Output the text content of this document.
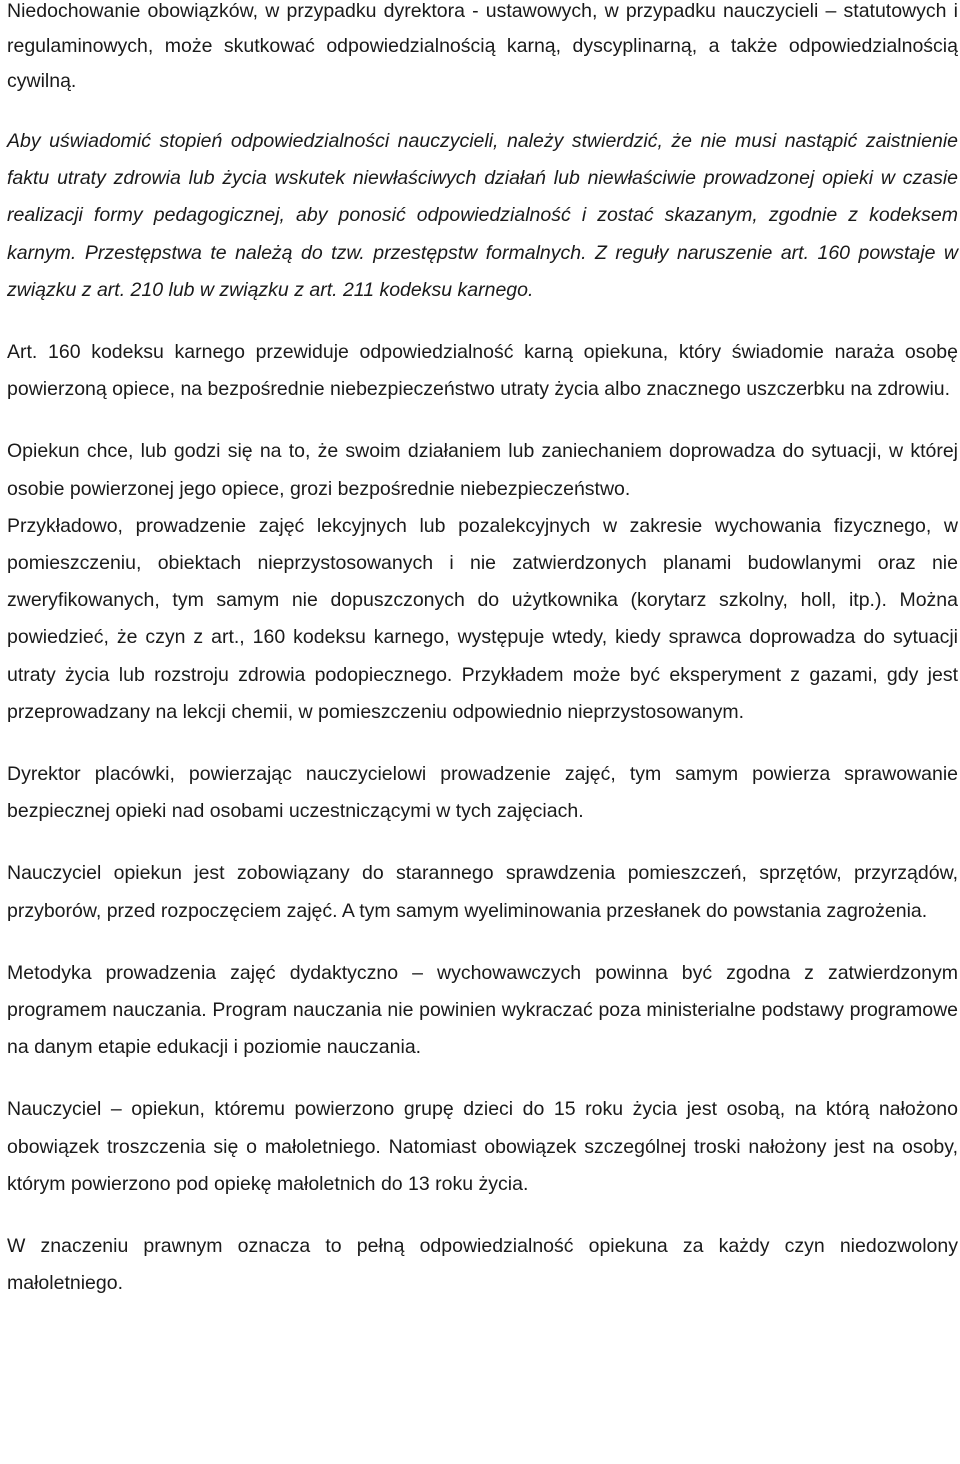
Niedochowanie obowiązków, w przypadku dyrektora - ustawowych, w przypadku nauczycieli – statutowych i regulaminowych, może skutkować odpowiedzialnością karną, dyscyplinarną, a także odpowiedzialnością cywilną.

Aby uświadomić stopień odpowiedzialności nauczycieli, należy stwierdzić, że nie musi nastąpić zaistnienie faktu utraty zdrowia lub życia wskutek niewłaściwych działań lub niewłaściwie prowadzonej opieki w czasie realizacji formy pedagogicznej, aby ponosić odpowiedzialność i zostać skazanym, zgodnie z kodeksem karnym. Przestępstwa te należą do tzw. przestępstw formalnych. Z reguły naruszenie art. 160 powstaje w związku z art. 210 lub w związku z art. 211 kodeksu karnego.

Art. 160 kodeksu karnego przewiduje odpowiedzialność karną opiekuna, który świadomie naraża osobę powierzoną opiece, na bezpośrednie niebezpieczeństwo utraty życia albo znacznego uszczerbku na zdrowiu.

Opiekun chce, lub godzi się na to, że swoim działaniem lub zaniechaniem doprowadza do sytuacji, w której osobie powierzonej jego opiece, grozi bezpośrednie niebezpieczeństwo.

Przykładowo, prowadzenie zajęć lekcyjnych lub pozalekcyjnych w zakresie wychowania fizycznego, w pomieszczeniu, obiektach nieprzystosowanych i nie zatwierdzonych planami budowlanymi oraz nie zweryfikowanych, tym samym nie dopuszczonych do użytkownika (korytarz szkolny, holl, itp.). Można powiedzieć, że czyn z art., 160 kodeksu karnego, występuje wtedy, kiedy sprawca doprowadza do sytuacji utraty życia lub rozstroju zdrowia podopiecznego. Przykładem może być eksperyment z gazami, gdy jest przeprowadzany na lekcji chemii, w pomieszczeniu odpowiednio nieprzystosowanym.

Dyrektor placówki, powierzając nauczycielowi prowadzenie zajęć, tym samym powierza sprawowanie bezpiecznej opieki nad osobami uczestniczącymi w tych zajęciach.

Nauczyciel opiekun jest zobowiązany do starannego sprawdzenia pomieszczeń, sprzętów, przyrządów, przyborów, przed rozpoczęciem zajęć. A tym samym wyeliminowania przesłanek do powstania zagrożenia.

Metodyka prowadzenia zajęć dydaktyczno – wychowawczych powinna być zgodna z zatwierdzonym programem nauczania. Program nauczania nie powinien wykraczać poza ministerialne podstawy programowe na danym etapie edukacji i poziomie nauczania.

Nauczyciel – opiekun, któremu powierzono grupę dzieci do 15 roku życia jest osobą, na którą nałożono obowiązek troszczenia się o małoletniego. Natomiast obowiązek szczególnej troski nałożony jest na osoby, którym powierzono pod opiekę małoletnich do 13 roku życia.

W znaczeniu prawnym oznacza to pełną odpowiedzialność opiekuna za każdy czyn niedozwolony małoletniego.
